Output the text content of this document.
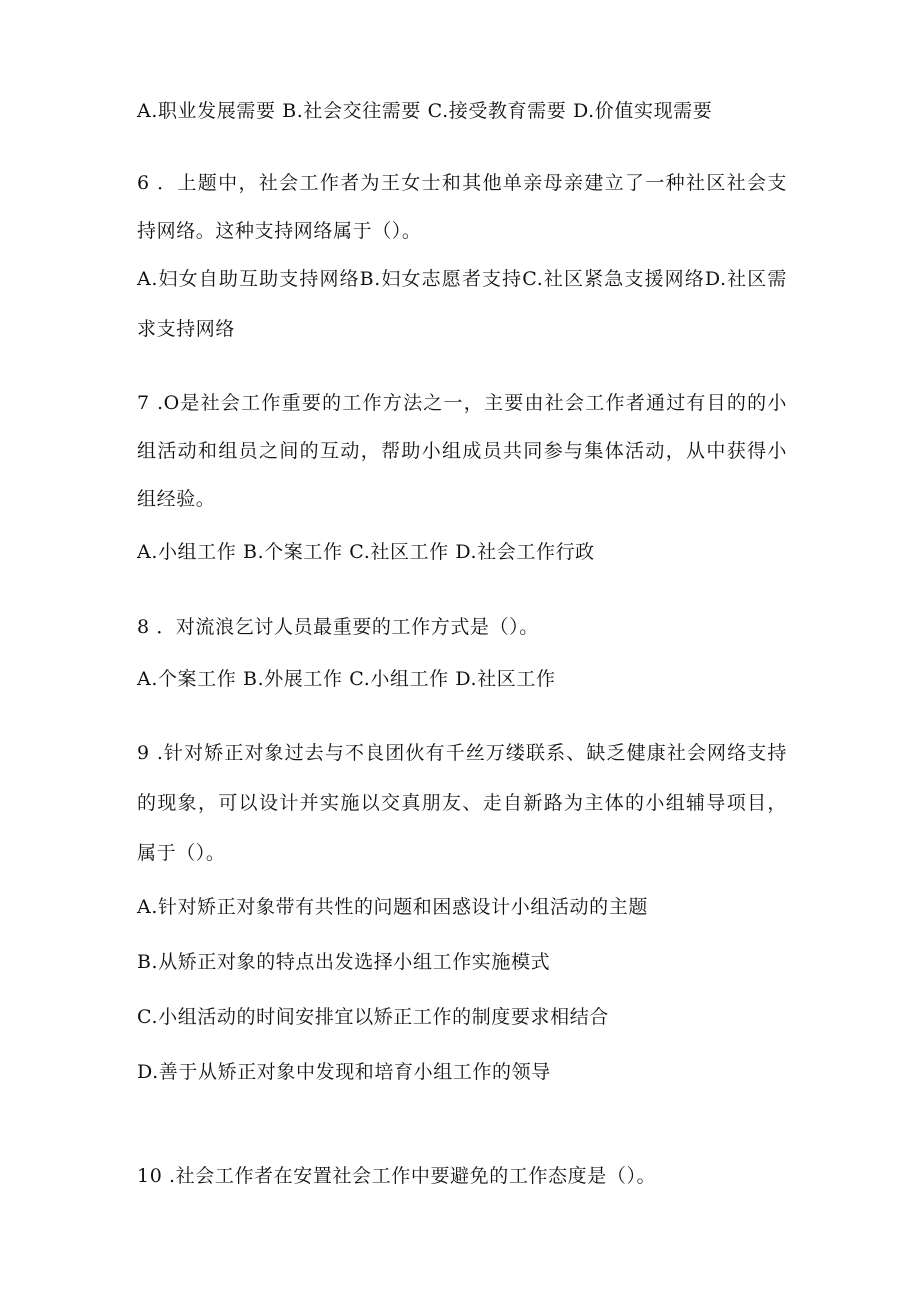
A.职业发展需要 B.社会交往需要 C.接受教育需要 D.价值实现需要
6 ．上题中，社会工作者为王女士和其他单亲母亲建立了一种社区社会支
持网络。这种支持网络属于（）。
A.妇女自助互助支持网络B.妇女志愿者支持C.社区紧急支援网络D.社区需
求支持网络
7 .O是社会工作重要的工作方法之一，主要由社会工作者通过有目的的小
组活动和组员之间的互动，帮助小组成员共同参与集体活动，从中获得小
组经验。
A.小组工作 B.个案工作 C.社区工作 D.社会工作行政
8 ．对流浪乞讨人员最重要的工作方式是（）。
A.个案工作 B.外展工作 C.小组工作 D.社区工作
9 .针对矫正对象过去与不良团伙有千丝万缕联系、缺乏健康社会网络支持
的现象，可以设计并实施以交真朋友、走自新路为主体的小组辅导项目，
属于（）。
A.针对矫正对象带有共性的问题和困惑设计小组活动的主题
B.从矫正对象的特点出发选择小组工作实施模式
C.小组活动的时间安排宜以矫正工作的制度要求相结合
D.善于从矫正对象中发现和培育小组工作的领导
10 .社会工作者在安置社会工作中要避免的工作态度是（）。
